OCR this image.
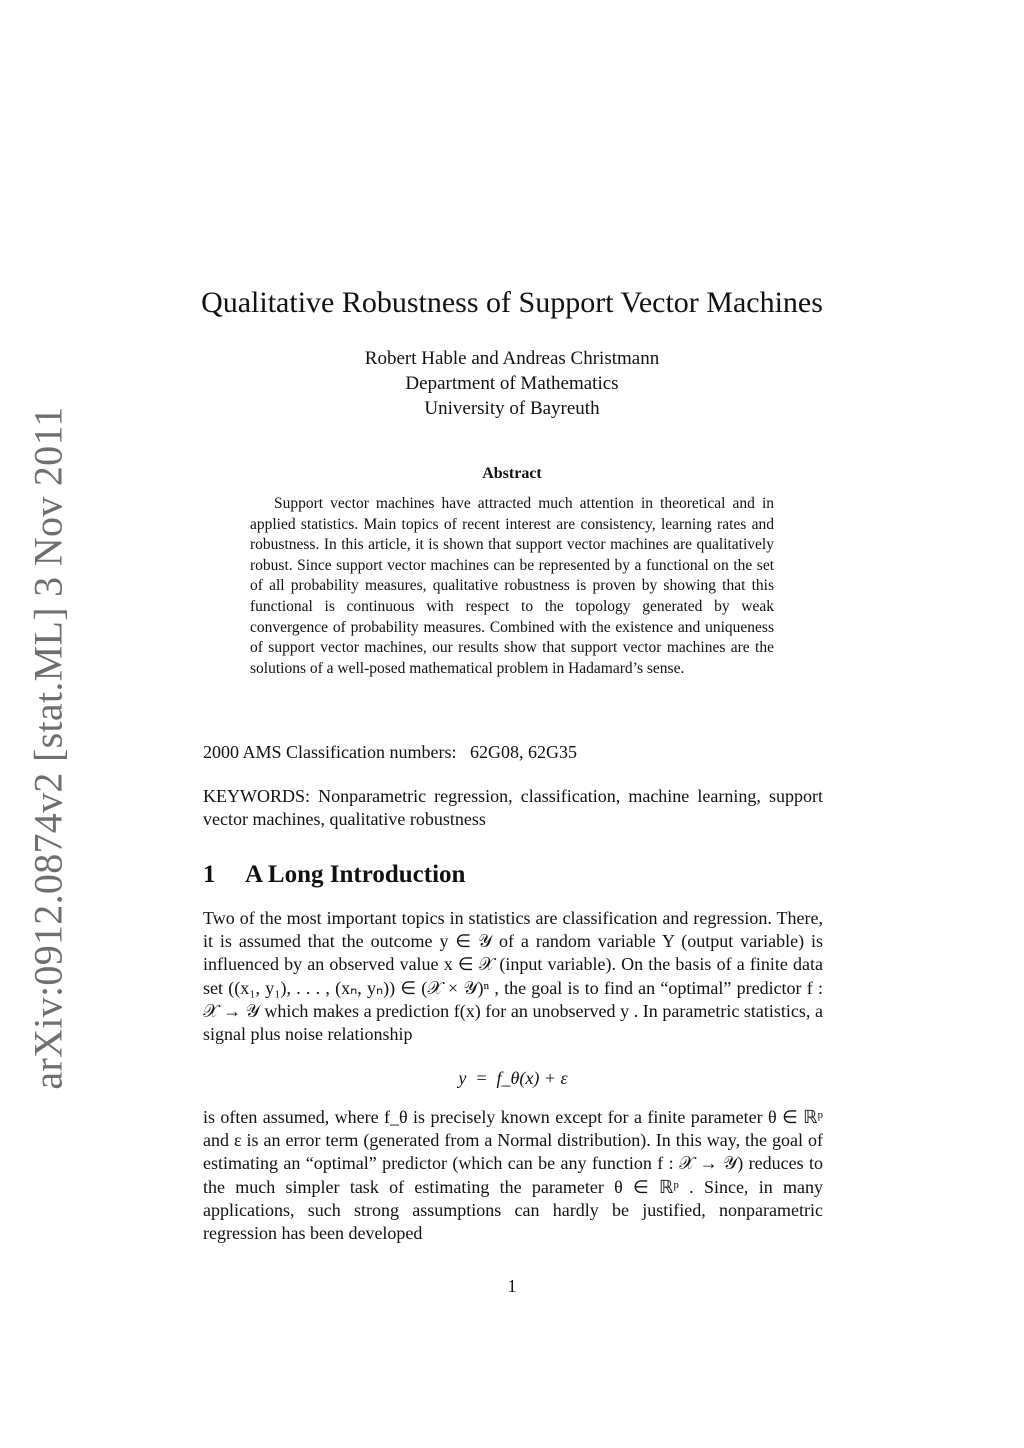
arXiv:0912.0874v2 [stat.ML] 3 Nov 2011
Qualitative Robustness of Support Vector Machines
Robert Hable and Andreas Christmann
Department of Mathematics
University of Bayreuth
Abstract

Support vector machines have attracted much attention in theoretical and in applied statistics. Main topics of recent interest are consistency, learning rates and robustness. In this article, it is shown that support vector machines are qualitatively robust. Since support vector machines can be represented by a functional on the set of all probability measures, qualitative robustness is proven by showing that this functional is continuous with respect to the topology generated by weak convergence of probability measures. Combined with the existence and uniqueness of support vector machines, our results show that support vector machines are the solutions of a well-posed mathematical problem in Hadamard’s sense.

2000 AMS Classification numbers:   62G08, 62G35
KEYWORDS: Nonparametric regression, classification, machine learning, support vector machines, qualitative robustness
1 A Long Introduction

Two of the most important topics in statistics are classification and regression. There, it is assumed that the outcome y ∈ 𝒴 of a random variable Y (output variable) is influenced by an observed value x ∈ 𝒳 (input variable). On the basis of a finite data set ((x₁, y₁), . . . , (xₙ, yₙ)) ∈ (𝒳 × 𝒴)ⁿ , the goal is to find an “optimal” predictor f : 𝒳 → 𝒴 which makes a prediction f(x) for an unobserved y . In parametric statistics, a signal plus noise relationship

y  =  f_θ(x) + ε

is often assumed, where f_θ is precisely known except for a finite parameter θ ∈ ℝᵖ and ε is an error term (generated from a Normal distribution). In this way, the goal of estimating an “optimal” predictor (which can be any function f : 𝒳 → 𝒴) reduces to the much simpler task of estimating the parameter θ ∈ ℝᵖ . Since, in many applications, such strong assumptions can hardly be justified, nonparametric regression has been developed

1
